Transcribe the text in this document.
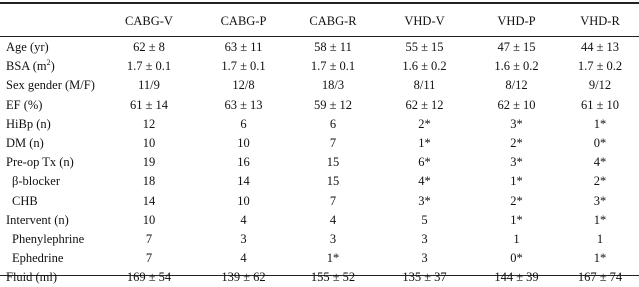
	CABG-V	CABG-P	CABG-R	VHD-V	VHD-P	VHD-R
Age (yr)	62 ± 8	63 ± 11	58 ± 11	55 ± 15	47 ± 15	44 ± 13
BSA $(m^2)$	1.7 ± 0.1	1.7 ± 0.1	1.7 ± 0.1	1.6 ± 0.2	1.6 ± 0.2	1.7 ± 0.2
Sex gender (M/F)	11/9	12/8	18/3	8/11	8/12	9/12
EF (%)	61 ± 14	63 ± 13	59 ± 12	62 ± 12	62 ± 10	61 ± 10
HiBp (n)	12	6	6	2*	3*	1*
DM (n)	10	10	7	1*	2*	0*
Pre-op Tx (n)	19	16	15	6*	3*	4*
β-blocker	18	14	15	4*	1*	2*
CHB	14	10	7	3*	2*	3*
Intervent (n)	10	4	4	5	1*	1*
Phenylephrine	7	3	3	3	1	1
Ephedrine	7	4	1*	3	0*	1*
Fluid (ml)	169 ± 54	139 ± 62	155 ± 52	135 ± 37	144 ± 39	167 ± 74
